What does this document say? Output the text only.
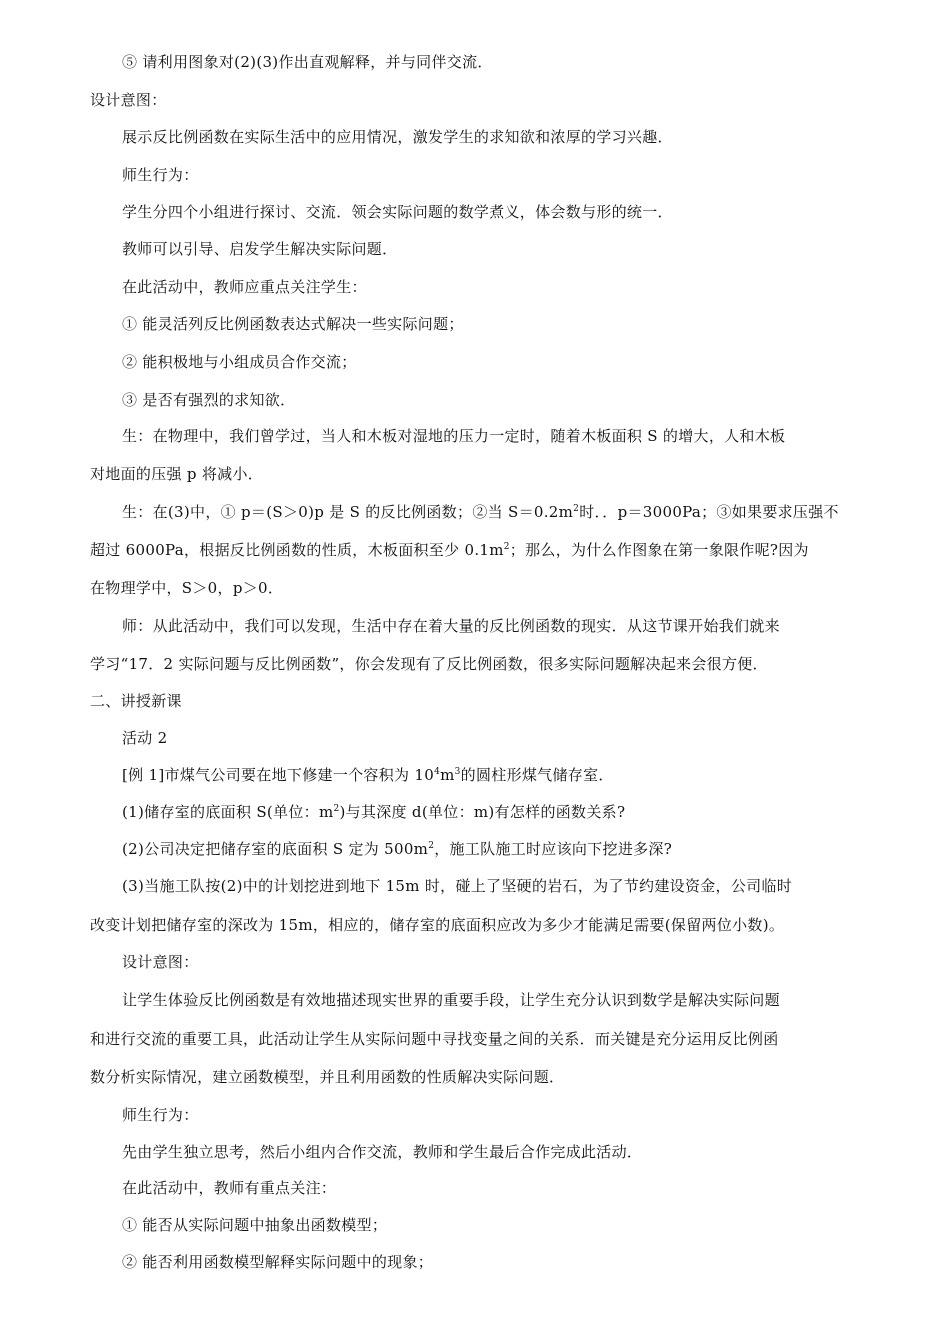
⑤ 请利用图象对(2)(3)作出直观解释，并与同伴交流．
设计意图：
展示反比例函数在实际生活中的应用情况，激发学生的求知欲和浓厚的学习兴趣．
师生行为：
学生分四个小组进行探讨、交流．领会实际问题的数学煮义，体会数与形的统一．
教师可以引导、启发学生解决实际问题．
在此活动中，教师应重点关注学生：
① 能灵活列反比例函数表达式解决一些实际问题；
② 能积极地与小组成员合作交流；
③ 是否有强烈的求知欲．
生：在物理中，我们曾学过，当人和木板对湿地的压力一定时，随着木板面积 S 的增大，人和木板
对地面的压强 p 将减小．
生：在(3)中，① p＝(S＞0)p 是 S 的反比例函数；②当 $S=0.2m^2$时．．p＝3000Pa；③如果要求压强不
超过 6000Pa，根据反比例函数的性质，木板面积至少 $0.1m^2$；那么，为什么作图象在第一象限作呢?因为
在物理学中，S＞0，p＞0．
师：从此活动中，我们可以发现，生活中存在着大量的反比例函数的现实．从这节课开始我们就来
学习“17．2 实际问题与反比例函数”，你会发现有了反比例函数，很多实际问题解决起来会很方便．
二、讲授新课
活动 2
[例 1]市煤气公司要在地下修建一个容积为 $10^4m^3$的圆柱形煤气储存室．
(1)储存室的底面积 S(单位：$m^2$)与其深度 d(单位：m)有怎样的函数关系?
(2)公司决定把储存室的底面积 S 定为 $500m^2$，施工队施工时应该向下挖进多深?
(3)当施工队按(2)中的计划挖进到地下 15m 时，碰上了坚硬的岩石，为了节约建设资金，公司临时
改变计划把储存室的深改为 15m，相应的，储存室的底面积应改为多少才能满足需要(保留两位小数)。
设计意图：
让学生体验反比例函数是有效地描述现实世界的重要手段，让学生充分认识到数学是解决实际问题
和进行交流的重要工具，此活动让学生从实际问题中寻找变量之间的关系．而关键是充分运用反比例函
数分析实际情况，建立函数模型，并且利用函数的性质解决实际问题．
师生行为：
先由学生独立思考，然后小组内合作交流，教师和学生最后合作完成此活动．
在此活动中，教师有重点关注：
① 能否从实际问题中抽象出函数模型；
② 能否利用函数模型解释实际问题中的现象；
